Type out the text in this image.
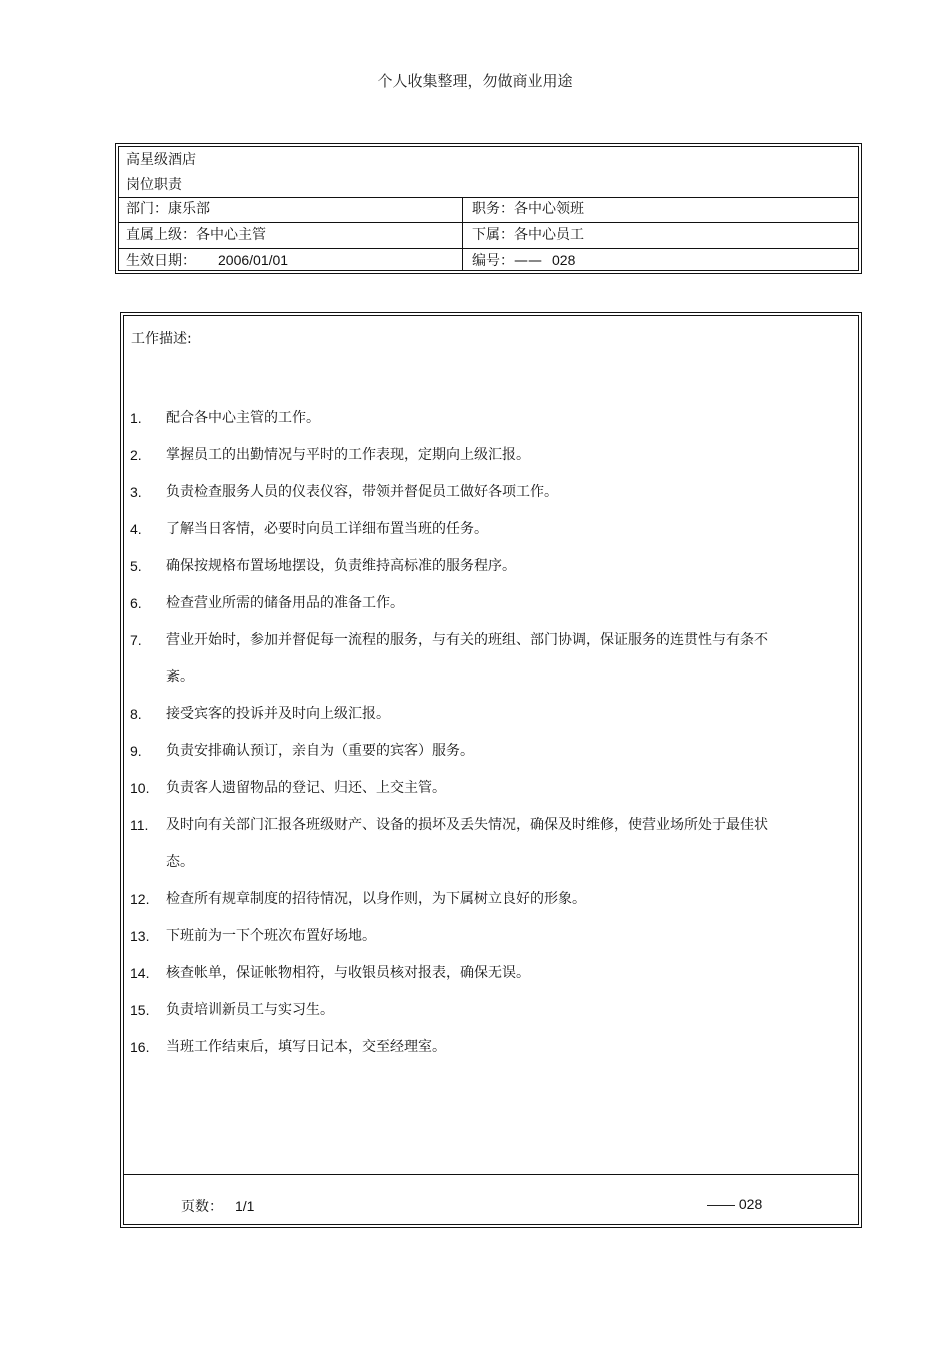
个人收集整理，勿做商业用途
高星级酒店
岗位职责
部门：康乐部	职务：各中心领班
直属上级：各中心主管	下属：各中心员工
生效日期： 2006/01/01	编号：—— 028
工作描述:
1. 配合各中心主管的工作。
2. 掌握员工的出勤情况与平时的工作表现，定期向上级汇报。
3. 负责检查服务人员的仪表仪容，带领并督促员工做好各项工作。
4. 了解当日客情，必要时向员工详细布置当班的任务。
5. 确保按规格布置场地摆设，负责维持高标准的服务程序。
6. 检查营业所需的储备用品的准备工作。
7. 营业开始时，参加并督促每一流程的服务，与有关的班组、部门协调，保证服务的连贯性与有条不紊。
8. 接受宾客的投诉并及时向上级汇报。
9. 负责安排确认预订，亲自为（重要的宾客）服务。
10. 负责客人遗留物品的登记、归还、上交主管。
11. 及时向有关部门汇报各班级财产、设备的损坏及丢失情况，确保及时维修，使营业场所处于最佳状态。
12. 检查所有规章制度的招待情况，以身作则，为下属树立良好的形象。
13. 下班前为一下个班次布置好场地。
14. 核查帐单，保证帐物相符，与收银员核对报表，确保无误。
15. 负责培训新员工与实习生。
16. 当班工作结束后，填写日记本，交至经理室。
页数： 1/1	—— 028
